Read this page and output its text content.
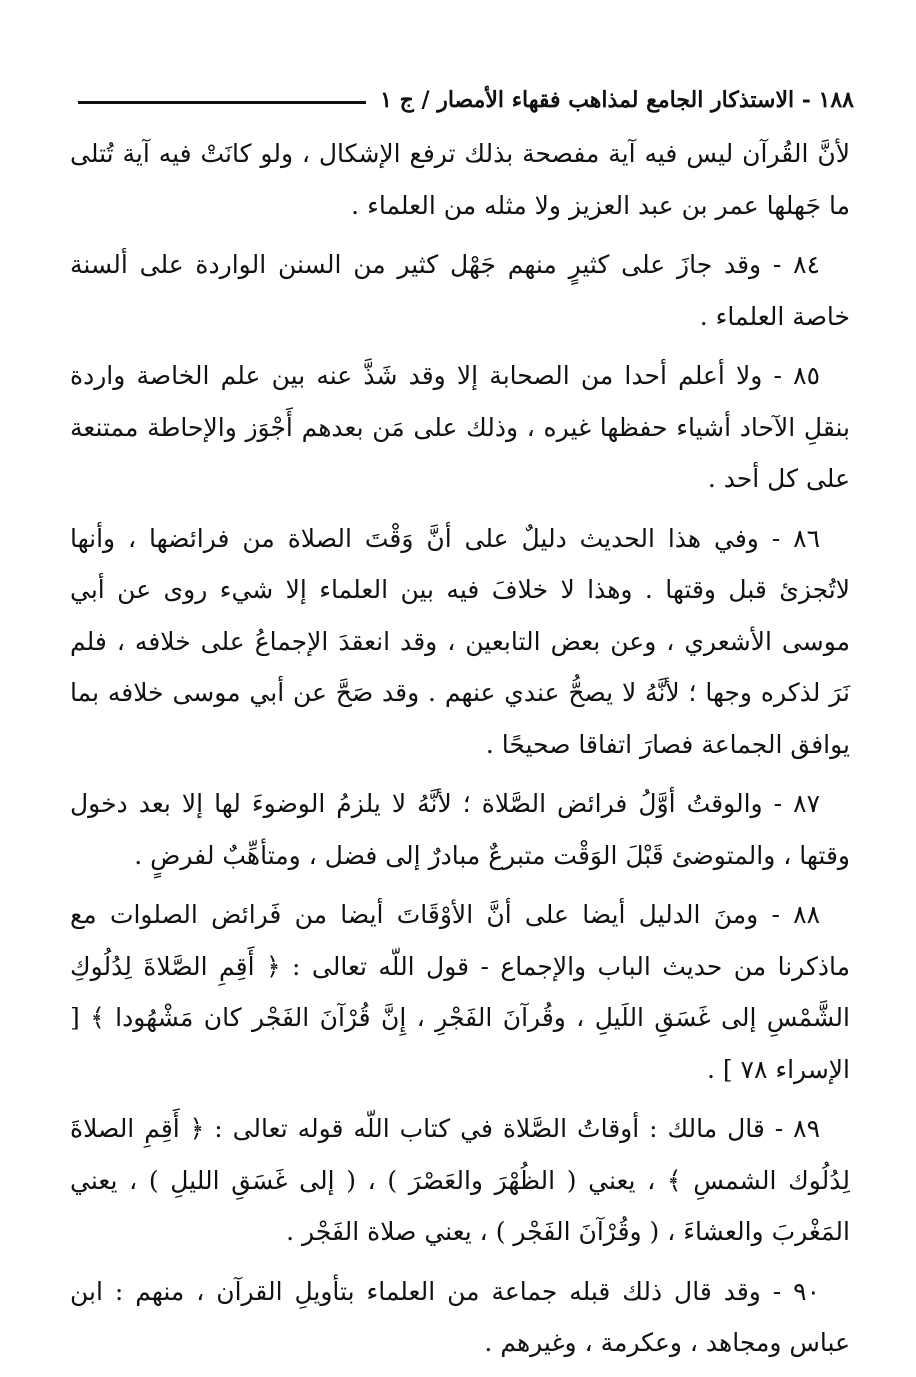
١٨٨ - الاستذكار الجامع لمذاهب فقهاء الأمصار / ج ١

لأنَّ القُرآن ليس فيه آية مفصحة بذلك ترفع الإشكال ، ولو كانَتْ فيه آية تُتلى ما جَهلها عمر بن عبد العزيز ولا مثله من العلماء .

٨٤ - وقد جازَ على كثيرٍ منهم جَهْل كثير من السنن الواردة على ألسنة خاصة العلماء .

٨٥ - ولا أعلم أحدا من الصحابة إلا وقد شَذَّ عنه بين علم الخاصة واردة بنقلِ الآحاد أشياء حفظها غيره ، وذلك على مَن بعدهم أَجْوَز والإحاطة ممتنعة على كل أحد .

٨٦ - وفي هذا الحديث دليلٌ على أنَّ وَقْتَ الصلاة من فرائضها ، وأنها لاتُجزئ قبل وقتها . وهذا لا خلافَ فيه بين العلماء إلا شيء روى عن أبي موسى الأشعري ، وعن بعض التابعين ، وقد انعقدَ الإجماعُ على خلافه ، فلم نَرَ لذكره وجها ؛ لأنَّهُ لا يصحُّ عندي عنهم . وقد صَحَّ عن أبي موسى خلافه بما يوافق الجماعة فصارَ اتفاقا صحيحًا .

٨٧ - والوقتُ أوَّلُ فرائض الصَّلاة ؛ لأنَّهُ لا يلزمُ الوضوءَ لها إلا بعد دخول وقتها ، والمتوضئ قَبْلَ الوَقْت متبرعٌ مبادرٌ إلى فضل ، ومتأهِّبٌ لفرضٍ .

٨٨ - ومنَ الدليل أيضا على أنَّ الأوْقَاتَ أيضا من فَرائض الصلوات مع ماذكرنا من حديث الباب والإجماع - قول اللّه تعالى : ﴿ أَقِمِ الصَّلاةَ لِدُلُوكِ الشَّمْسِ إلى غَسَقِ اللَيلِ ، وقُرآنَ الفَجْرِ ، إِنَّ قُرْآنَ الفَجْر كان مَشْهُودا ﴾ [ الإسراء ٧٨ ] .

٨٩ - قال مالك : أوقاتُ الصَّلاة في كتاب اللّه قوله تعالى : ﴿ أَقِمِ الصلاةَ لِدُلُوك الشمسِ ﴾ ، يعني ( الظُهْرَ والعَصْرَ ) ، ( إلى غَسَقِ الليلِ ) ، يعني المَغْربَ والعشاءَ ، ( وقُرْآنَ الفَجْر ) ، يعني صلاة الفَجْر .

٩٠ - وقد قال ذلك قبله جماعة من العلماء بتأويلِ القرآن ، منهم : ابن عباس ومجاهد ، وعكرمة ، وغيرهم .
